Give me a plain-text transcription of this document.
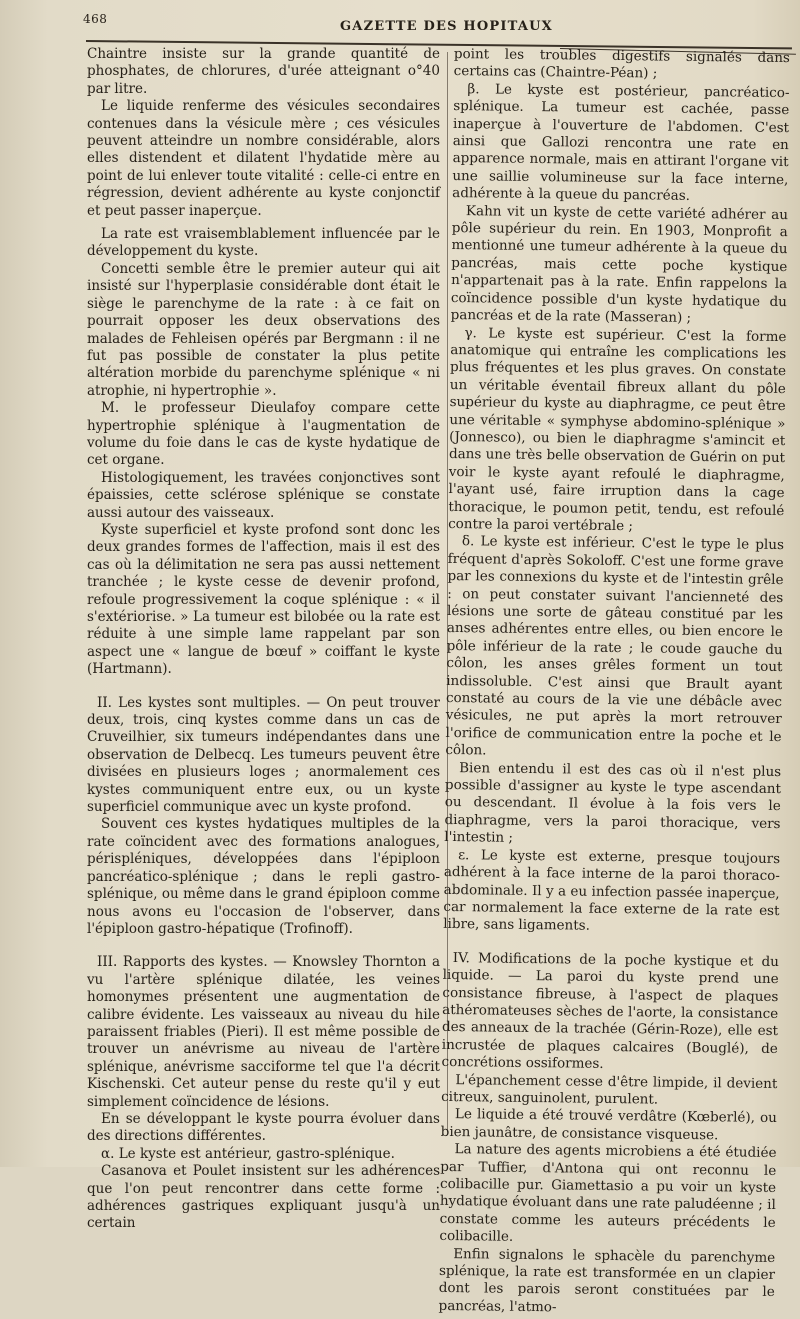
468	GAZETTE DES HOPITAUX

Chaintre insiste sur la grande quantité de phosphates, de chlorures, d'urée atteignant o°40 par litre.

Le liquide renferme des vésicules secondaires contenues dans la vésicule mère ; ces vésicules peuvent atteindre un nombre considérable, alors elles distendent et dilatent l'hydatide mère au point de lui enlever toute vitalité : celle-ci entre en régression, devient adhérente au kyste conjonctif et peut passer inaperçue.

La rate est vraisemblablement influencée par le développement du kyste.

Concetti semble être le premier auteur qui ait insisté sur l'hyperplasie considérable dont était le siège le parenchyme de la rate : à ce fait on pourrait opposer les deux observations des malades de Fehleisen opérés par Bergmann : il ne fut pas possible de constater la plus petite altération morbide du parenchyme splénique « ni atrophie, ni hypertrophie ».

M. le professeur Dieulafoy compare cette hypertrophie splénique à l'augmentation de volume du foie dans le cas de kyste hydatique de cet organe.

Histologiquement, les travées conjonctives sont épaissies, cette sclérose splénique se constate aussi autour des vaisseaux.

Kyste superficiel et kyste profond sont donc les deux grandes formes de l'affection, mais il est des cas où la délimitation ne sera pas aussi nettement tranchée ; le kyste cesse de devenir profond, refoule progressivement la coque splénique : « il s'extériorise. » La tumeur est bilobée ou la rate est réduite à une simple lame rappelant par son aspect une « langue de bœuf » coiffant le kyste (Hartmann).

II. Les kystes sont multiples. — On peut trouver deux, trois, cinq kystes comme dans un cas de Cruveilhier, six tumeurs indépendantes dans une observation de Delbecq. Les tumeurs peuvent être divisées en plusieurs loges ; anormalement ces kystes communiquent entre eux, ou un kyste superficiel communique avec un kyste profond.

Souvent ces kystes hydatiques multiples de la rate coïncident avec des formations analogues, périspléniques, développées dans l'épiploon pancréatico-splénique ; dans le repli gastro-splénique, ou même dans le grand épiploon comme nous avons eu l'occasion de l'observer, dans l'épiploon gastro-hépatique (Trofinoff).

III. Rapports des kystes. — Knowsley Thornton a vu l'artère splénique dilatée, les veines homonymes présentent une augmentation de calibre évidente. Les vaisseaux au niveau du hile paraissent friables (Pieri). Il est même possible de trouver un anévrisme au niveau de l'artère splénique, anévrisme sacciforme tel que l'a décrit Kischenski. Cet auteur pense du reste qu'il y eut simplement coïncidence de lésions.

En se développant le kyste pourra évoluer dans des directions différentes.

α. Le kyste est antérieur, gastro-splénique.

Casanova et Poulet insistent sur les adhérences que l'on peut rencontrer dans cette forme : adhérences gastriques expliquant jusqu'à un certain

point les troubles digestifs signalés dans certains cas (Chaintre-Péan) ;

β. Le kyste est postérieur, pancréatico-splénique. La tumeur est cachée, passe inaperçue à l'ouverture de l'abdomen. C'est ainsi que Gallozi rencontra une rate en apparence normale, mais en attirant l'organe vit une saillie volumineuse sur la face interne, adhérente à la queue du pancréas.

Kahn vit un kyste de cette variété adhérer au pôle supérieur du rein. En 1903, Monprofit a mentionné une tumeur adhérente à la queue du pancréas, mais cette poche kystique n'appartenait pas à la rate. Enfin rappelons la coïncidence possible d'un kyste hydatique du pancréas et de la rate (Masseran) ;

γ. Le kyste est supérieur. C'est la forme anatomique qui entraîne les complications les plus fréquentes et les plus graves. On constate un véritable éventail fibreux allant du pôle supérieur du kyste au diaphragme, ce peut être une véritable « symphyse abdomino-splénique » (Jonnesco), ou bien le diaphragme s'amincit et dans une très belle observation de Guérin on put voir le kyste ayant refoulé le diaphragme, l'ayant usé, faire irruption dans la cage thoracique, le poumon petit, tendu, est refoulé contre la paroi vertébrale ;

δ. Le kyste est inférieur. C'est le type le plus fréquent d'après Sokoloff. C'est une forme grave par les connexions du kyste et de l'intestin grêle : on peut constater suivant l'ancienneté des lésions une sorte de gâteau constitué par les anses adhérentes entre elles, ou bien encore le pôle inférieur de la rate ; le coude gauche du côlon, les anses grêles forment un tout indissoluble. C'est ainsi que Brault ayant constaté au cours de la vie une débâcle avec vésicules, ne put après la mort retrouver l'orifice de communication entre la poche et le côlon.

Bien entendu il est des cas où il n'est plus possible d'assigner au kyste le type ascendant ou descendant. Il évolue à la fois vers le diaphragme, vers la paroi thoracique, vers l'intestin ;

ε. Le kyste est externe, presque toujours adhérent à la face interne de la paroi thoraco-abdominale. Il y a eu infection passée inaperçue, car normalement la face externe de la rate est libre, sans ligaments.

IV. Modifications de la poche kystique et du liquide. — La paroi du kyste prend une consistance fibreuse, à l'aspect de plaques athéromateuses sèches de l'aorte, la consistance des anneaux de la trachée (Gérin-Roze), elle est incrustée de plaques calcaires (Bouglé), de concrétions ossiformes.

L'épanchement cesse d'être limpide, il devient citreux, sanguinolent, purulent.

Le liquide a été trouvé verdâtre (Kœberlé), ou bien jaunâtre, de consistance visqueuse.

La nature des agents microbiens a été étudiée par Tuffier, d'Antona qui ont reconnu le colibacille pur. Giamettasio a pu voir un kyste hydatique évoluant dans une rate paludéenne ; il constate comme les auteurs précédents le colibacille.

Enfin signalons le sphacèle du parenchyme splénique, la rate est transformée en un clapier dont les parois seront constituées par le pancréas, l'atmo-
